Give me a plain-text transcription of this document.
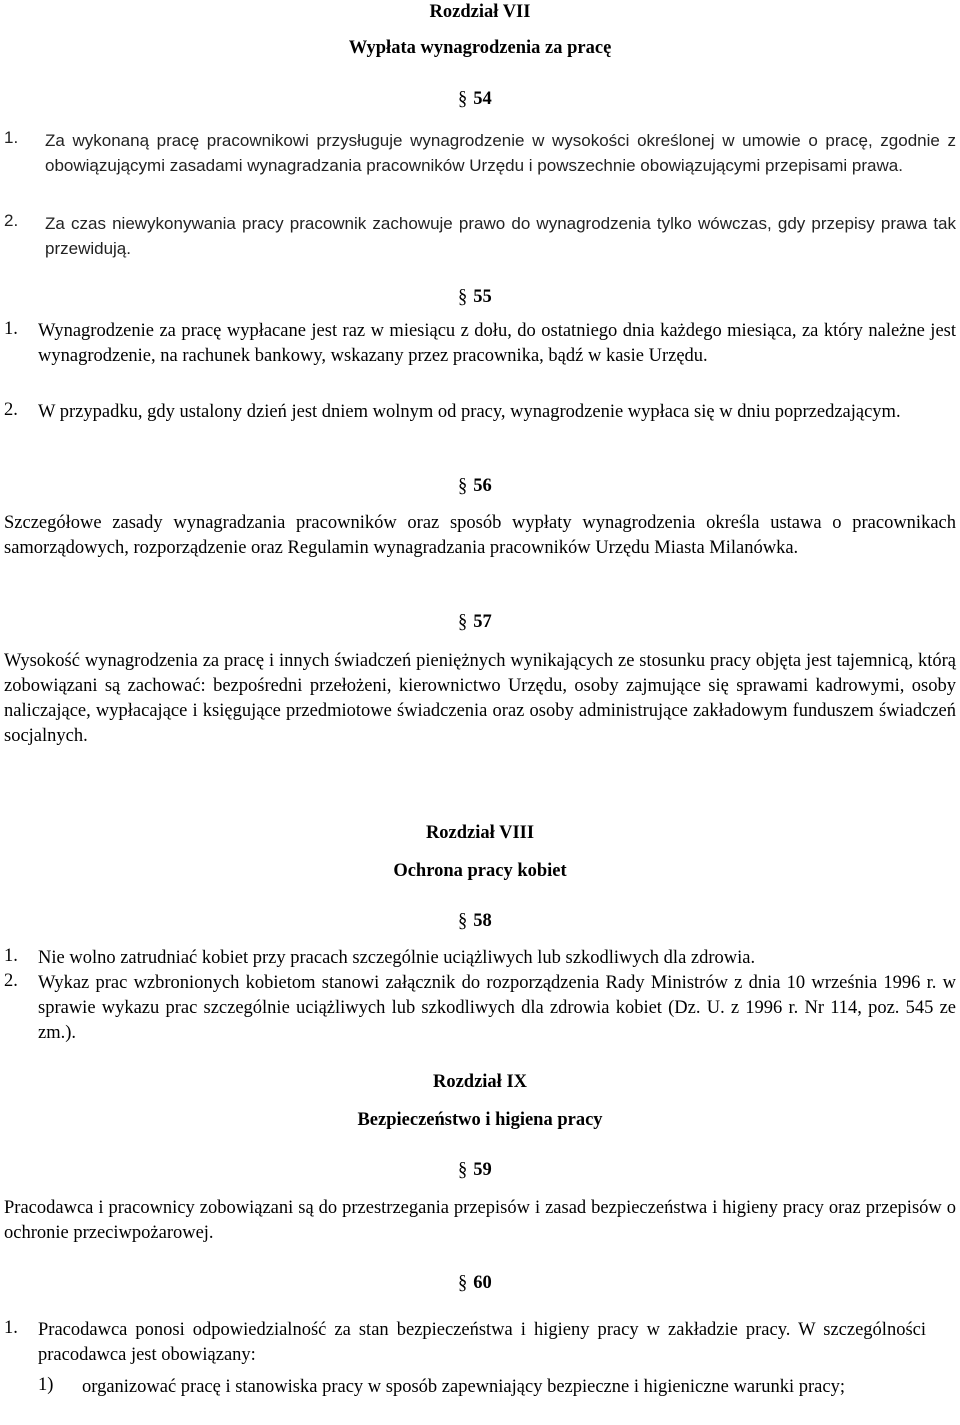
Rozdział VII
Wypłata wynagrodzenia za pracę
§ 54
1. Za wykonaną pracę pracownikowi przysługuje wynagrodzenie w wysokości określonej w umowie o pracę, zgodnie z obowiązującymi zasadami wynagradzania pracowników Urzędu i powszechnie obowiązującymi przepisami prawa.
2. Za czas niewykonywania pracy pracownik zachowuje prawo do wynagrodzenia tylko wówczas, gdy przepisy prawa tak przewidują.
§ 55
1. Wynagrodzenie za pracę wypłacane jest raz w miesiącu z dołu, do ostatniego dnia każdego miesiąca, za który należne jest wynagrodzenie, na rachunek bankowy, wskazany przez pracownika, bądź w kasie Urzędu.
2. W przypadku, gdy ustalony dzień jest dniem wolnym od pracy, wynagrodzenie wypłaca się w dniu poprzedzającym.
§ 56
Szczegółowe zasady wynagradzania pracowników oraz sposób wypłaty wynagrodzenia określa ustawa o pracownikach samorządowych, rozporządzenie oraz Regulamin wynagradzania pracowników Urzędu Miasta Milanówka.
§ 57
Wysokość wynagrodzenia za pracę i innych świadczeń pieniężnych wynikających ze stosunku pracy objęta jest tajemnicą, którą zobowiązani są zachować: bezpośredni przełożeni, kierownictwo Urzędu, osoby zajmujące się sprawami kadrowymi, osoby naliczające, wypłacające i księgujące przedmiotowe świadczenia oraz osoby administrujące zakładowym funduszem świadczeń socjalnych.
Rozdział VIII
Ochrona pracy kobiet
§ 58
1. Nie wolno zatrudniać kobiet przy pracach szczególnie uciążliwych lub szkodliwych dla zdrowia.
2. Wykaz prac wzbronionych kobietom stanowi załącznik do rozporządzenia Rady Ministrów z dnia 10 września 1996 r. w sprawie wykazu prac szczególnie uciążliwych lub szkodliwych dla zdrowia kobiet (Dz. U. z 1996 r. Nr 114, poz. 545 ze zm.).
Rozdział IX
Bezpieczeństwo i higiena pracy
§ 59
Pracodawca i pracownicy zobowiązani są do przestrzegania przepisów i zasad bezpieczeństwa i higieny pracy oraz przepisów o ochronie przeciwpożarowej.
§ 60
1. Pracodawca ponosi odpowiedzialność za stan bezpieczeństwa i higieny pracy w zakładzie pracy. W szczególności pracodawca jest obowiązany:
1) organizować pracę i stanowiska pracy w sposób zapewniający bezpieczne i higieniczne warunki pracy;
